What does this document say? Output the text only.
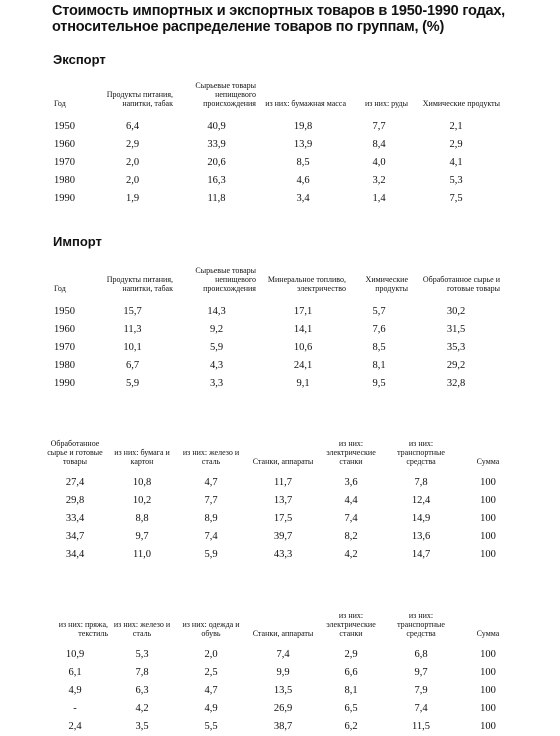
Стоимость импортных и экспортных товаров в 1950-1990 годах,
относительное распределение товаров по группам, (%)
Экспорт
Год	Продукты питания, напитки, табак	Сырьевые товары непищевого происхождения	из них: бумажная масса	из них: руды	Химические продукты

1950	6,4	40,9	19,8	7,7	2,1
1960	2,9	33,9	13,9	8,4	2,9
1970	2,0	20,6	8,5	4,0	4,1
1980	2,0	16,3	4,6	3,2	5,3
1990	1,9	11,8	3,4	1,4	7,5
Импорт
Год	Продукты питания, напитки, табак	Сырьевые товары непищевого происхождения	Минеральное топливо, электричество	Химические продукты	Обработанное сырье и готовые товары

1950	15,7	14,3	17,1	5,7	30,2
1960	11,3	9,2	14,1	7,6	31,5
1970	10,1	5,9	10,6	8,5	35,3
1980	6,7	4,3	24,1	8,1	29,2
1990	5,9	3,3	9,1	9,5	32,8
Обработанное сырье и готовые товары	из них: бумага и картон	из них: железо и сталь	Станки, аппараты	из них: электрические станки	из них: транспортные средства	Сумма

27,4	10,8	4,7	11,7	3,6	7,8	100
29,8	10,2	7,7	13,7	4,4	12,4	100
33,4	8,8	8,9	17,5	7,4	14,9	100
34,7	9,7	7,4	39,7	8,2	13,6	100
34,4	11,0	5,9	43,3	4,2	14,7	100
из них: пряжа, текстиль	из них: железо и сталь	из них: одежда и обувь	Станки, аппараты	из них: электрические станки	из них: транспортные средства	Сумма

10,9	5,3	2,0	7,4	2,9	6,8	100
6,1	7,8	2,5	9,9	6,6	9,7	100
4,9	6,3	4,7	13,5	8,1	7,9	100
-	4,2	4,9	26,9	6,5	7,4	100
2,4	3,5	5,5	38,7	6,2	11,5	100
